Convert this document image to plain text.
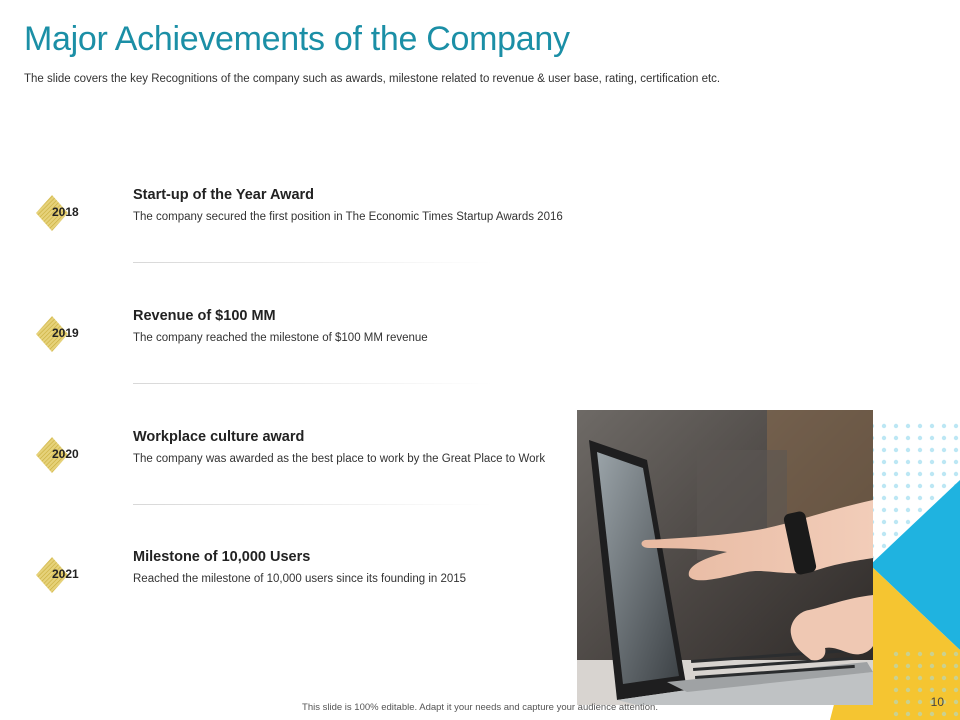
Major Achievements of the Company

The slide covers the key Recognitions of the company such as awards, milestone related to revenue & user base, rating, certification etc.

2018
Start-up of the Year Award

The company secured the first position in The Economic Times Startup Awards 2016

2019
Revenue of $100 MM

The company reached the milestone of $100 MM revenue

2020
Workplace culture award

The company was awarded as the best place to work by the Great Place to Work

2021
Milestone of 10,000 Users

Reached the milestone of 10,000 users since its founding in 2015

This slide is 100% editable. Adapt it your needs and capture your audience attention.	10
